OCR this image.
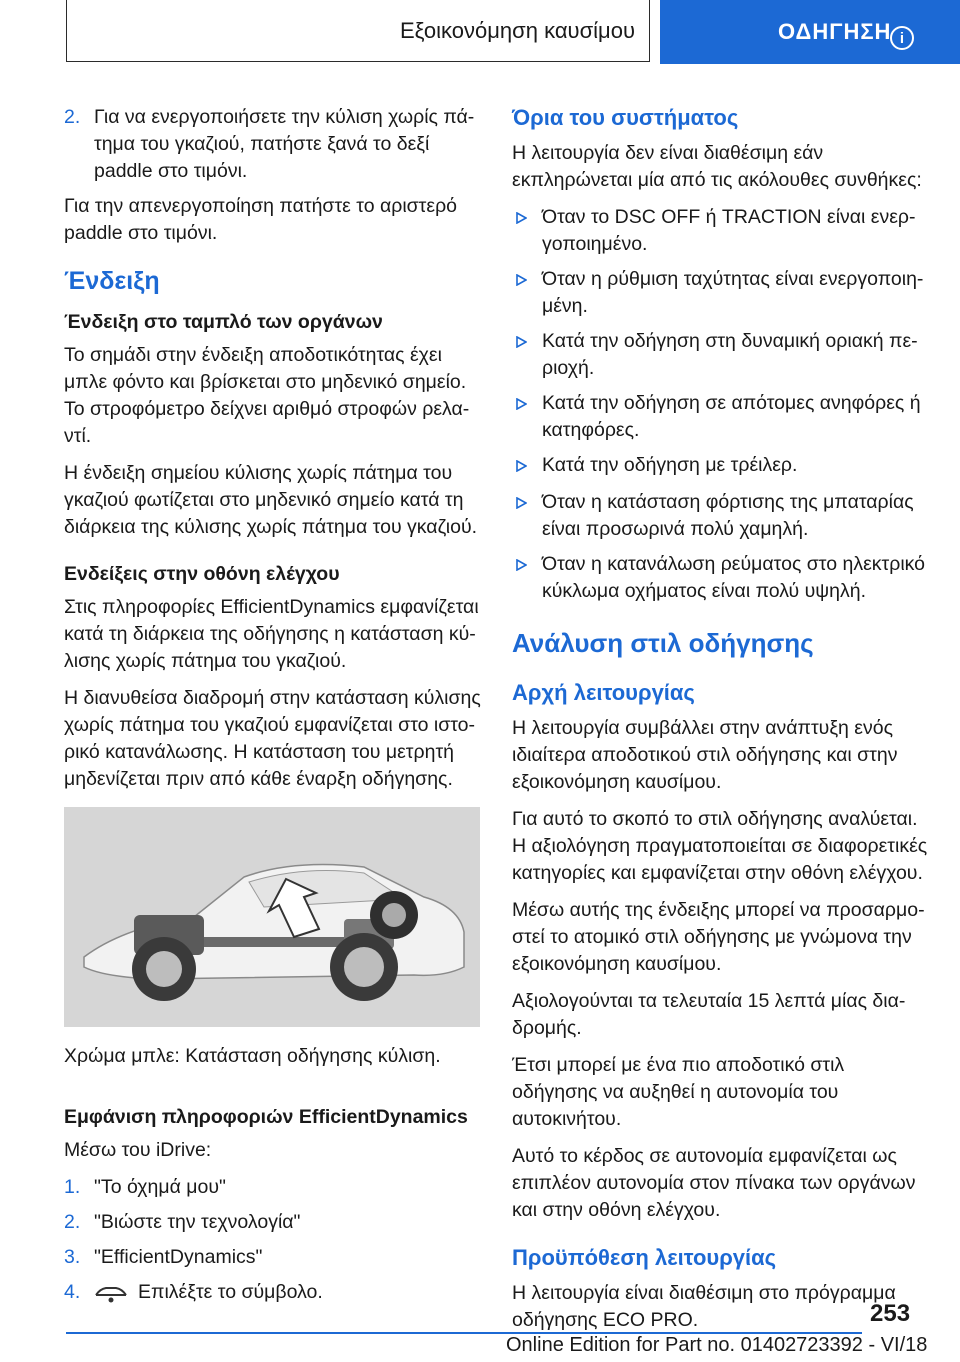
Εξοικονόμηση καυσίμου	ΟΔΗΓΗΣΗ i
2. Για να ενεργοποιήσετε την κύλιση χωρίς πάτημα του γκαζιού, πατήστε ξανά το δεξί paddle στο τιμόνι.

Για την απενεργοποίηση πατήστε το αριστερό paddle στο τιμόνι.

Ένδειξη
Ένδειξη στο ταμπλό των οργάνων

Το σημάδι στην ένδειξη αποδοτικότητας έχει μπλε φόντο και βρίσκεται στο μηδενικό σημείο. Το στροφόμετρο δείχνει αριθμό στροφών ρελαντί.

Η ένδειξη σημείου κύλισης χωρίς πάτημα του γκαζιού φωτίζεται στο μηδενικό σημείο κατά τη διάρκεια της κύλισης χωρίς πάτημα του γκαζιού.

Ενδείξεις στην οθόνη ελέγχου

Στις πληροφορίες EfficientDynamics εμφανίζεται κατά τη διάρκεια της οδήγησης η κατάσταση κύλισης χωρίς πάτημα του γκαζιού.

Η διανυθείσα διαδρομή στην κατάσταση κύλισης χωρίς πάτημα του γκαζιού εμφανίζεται στο ιστορικό κατανάλωσης. Η κατάσταση του μετρητή μηδενίζεται πριν από κάθε έναρξη οδήγησης.

Χρώμα μπλε: Κατάσταση οδήγησης κύλιση.

Εμφάνιση πληροφοριών EfficientDynamics

Μέσω του iDrive:

1. "Το όχημά μου"
2. "Βιώστε την τεχνολογία"
3. "EfficientDynamics"
4.	Επιλέξτε το σύμβολο.
Όρια του συστήματος

Η λειτουργία δεν είναι διαθέσιμη εάν εκπληρώνεται μία από τις ακόλουθες συνθήκες:

Όταν το DSC OFF ή TRACTION είναι ενεργοποιημένο.
Όταν η ρύθμιση ταχύτητας είναι ενεργοποιημένη.
Κατά την οδήγηση στη δυναμική οριακή περιοχή.
Κατά την οδήγηση σε απότομες ανηφόρες ή κατηφόρες.
Κατά την οδήγηση με τρέιλερ.
Όταν η κατάσταση φόρτισης της μπαταρίας είναι προσωρινά πολύ χαμηλή.
Όταν η κατανάλωση ρεύματος στο ηλεκτρικό κύκλωμα οχήματος είναι πολύ υψηλή.
Ανάλυση στιλ οδήγησης
Αρχή λειτουργίας

Η λειτουργία συμβάλλει στην ανάπτυξη ενός ιδιαίτερα αποδοτικού στιλ οδήγησης και στην εξοικονόμηση καυσίμου.

Για αυτό το σκοπό το στιλ οδήγησης αναλύεται. Η αξιολόγηση πραγματοποιείται σε διαφορετικές κατηγορίες και εμφανίζεται στην οθόνη ελέγχου.

Μέσω αυτής της ένδειξης μπορεί να προσαρμοστεί το ατομικό στιλ οδήγησης με γνώμονα την εξοικονόμηση καυσίμου.

Αξιολογούνται τα τελευταία 15 λεπτά μίας διαδρομής.

Έτσι μπορεί με ένα πιο αποδοτικό στιλ οδήγησης να αυξηθεί η αυτονομία του αυτοκινήτου.

Αυτό το κέρδος σε αυτονομία εμφανίζεται ως επιπλέον αυτονομία στον πίνακα των οργάνων και στην οθόνη ελέγχου.

Προϋπόθεση λειτουργίας

Η λειτουργία είναι διαθέσιμη στο πρόγραμμα οδήγησης ECO PRO.	253
Online Edition for Part no. 01402723392 - VI/18
